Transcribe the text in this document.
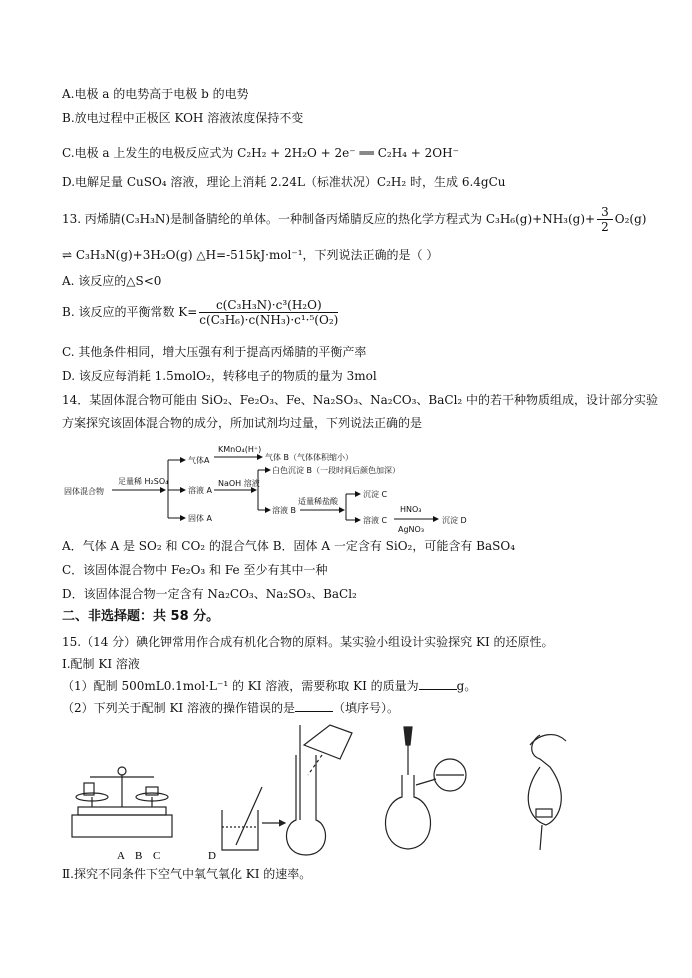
A.电极 a 的电势高于电极 b 的电势
B.放电过程中正极区 KOH 溶液浓度保持不变
C.电极 a 上发生的电极反应式为 C₂H₂ + 2H₂O + 2e⁻ ══ C₂H₄ + 2OH⁻
D.电解足量 CuSO₄ 溶液，理论上消耗 2.24L（标准状况）C₂H₂ 时，生成 6.4gCu
13. 丙烯腈(C₃H₃N)是制备腈纶的单体。一种制备丙烯腈反应的热化学方程式为 $C_3H_6(g)+NH_3(g)+ \frac{3}{2} O_2(g)$
⇌ C₃H₃N(g)+3H₂O(g) △H=-515kJ·mol⁻¹，下列说法正确的是（ ）
A. 该反应的△S<0
B. 该反应的平衡常数 $K= \frac{\text{c(C₃H₃N)·c³(H₂O)}}{\text{c(C₃H₆)·c(NH₃)·c¹·⁵(O₂)}}$
C. 其他条件相同，增大压强有利于提高丙烯腈的平衡产率
D. 该反应每消耗 1.5molO₂，转移电子的物质的量为 3mol
14．某固体混合物可能由 SiO₂、Fe₂O₃、Fe、Na₂SO₃、Na₂CO₃、BaCl₂ 中的若干种物质组成，设计部分实验
方案探究该固体混合物的成分，所加试剂均过量，下列说法正确的是
固体混合物
足量稀 H₂SO₄
气体A
溶液 A
固体 A
KMnO₄(H⁺)
气体 B（气体体积缩小）
NaOH 溶液
白色沉淀 B（一段时间后颜色加深）
溶液 B
适量稀盐酸
沉淀 C
溶液 C
HNO₃
AgNO₃
沉淀 D
A．气体 A 是 SO₂ 和 CO₂ 的混合气体 B．固体 A 一定含有 SiO₂，可能含有 BaSO₄
C．该固体混合物中 Fe₂O₃ 和 Fe 至少有其中一种
D．该固体混合物一定含有 Na₂CO₃、Na₂SO₃、BaCl₂
二、非选择题：共 58 分。
15.（14 分）碘化钾常用作合成有机化合物的原料。某实验小组设计实验探究 KI 的还原性。
Ⅰ.配制 KI 溶液
（1）配制 500mL0.1mol·L⁻¹ 的 KI 溶液，需要称取 KI 的质量为	g。
（2）下列关于配制 KI 溶液的操作错误的是	（填序号）。
A B C	D
Ⅱ.探究不同条件下空气中氧气氧化 KI 的速率。
